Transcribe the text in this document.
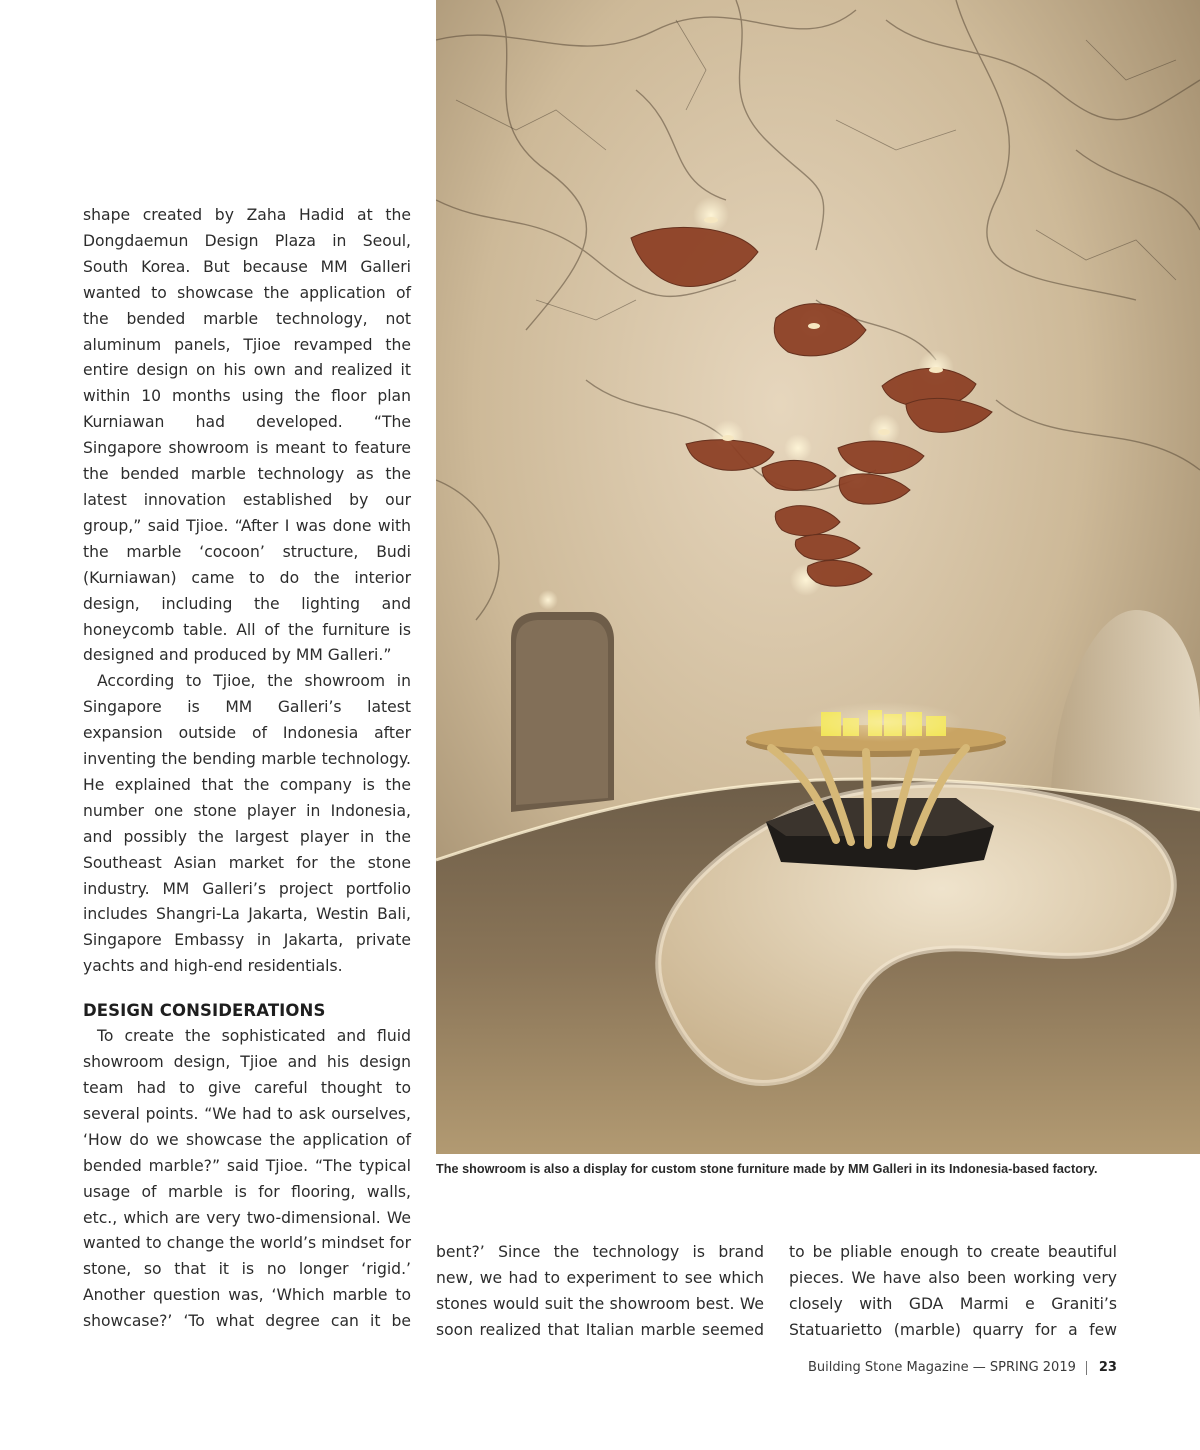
shape created by Zaha Hadid at the Dongdaemun Design Plaza in Seoul, South Korea. But because MM Galleri wanted to showcase the application of the bended marble technology, not aluminum panels, Tjioe revamped the entire design on his own and realized it within 10 months using the floor plan Kurniawan had developed. “The Singapore showroom is meant to feature the bended marble technology as the latest innovation established by our group,” said Tjioe. “After I was done with the marble ‘cocoon’ structure, Budi (Kurniawan) came to do the interior design, including the lighting and honeycomb table. All of the furniture is designed and produced by MM Galleri.”

According to Tjioe, the showroom in Singapore is MM Galleri’s latest expansion outside of Indonesia after inventing the bending marble technology. He explained that the company is the number one stone player in Indonesia, and possibly the largest player in the Southeast Asian market for the stone industry. MM Galleri’s project portfolio includes Shangri-La Jakarta, Westin Bali, Singapore Embassy in Jakarta, private yachts and high-end residentials.

DESIGN CONSIDERATIONS

To create the sophisticated and fluid showroom design, Tjioe and his design team had to give careful thought to several points. “We had to ask ourselves, ‘How do we showcase the application of bended marble?” said Tjioe. “The typical usage of marble is for flooring, walls, etc., which are very two-dimensional. We wanted to change the world’s mindset for stone, so that it is no longer ‘rigid.’ Another question was, ‘Which marble to showcase?’ ‘To what degree can it be

The showroom is also a display for custom stone furniture made by MM Galleri in its Indonesia-based factory.

bent?’ Since the technology is brand new, we had to experiment to see which stones would suit the showroom best. We soon realized that Italian marble seemed

to be pliable enough to create beautiful pieces. We have also been working very closely with GDA Marmi e Graniti’s Statuarietto (marble) quarry for a few

Building Stone Magazine — SPRING 2019 23
